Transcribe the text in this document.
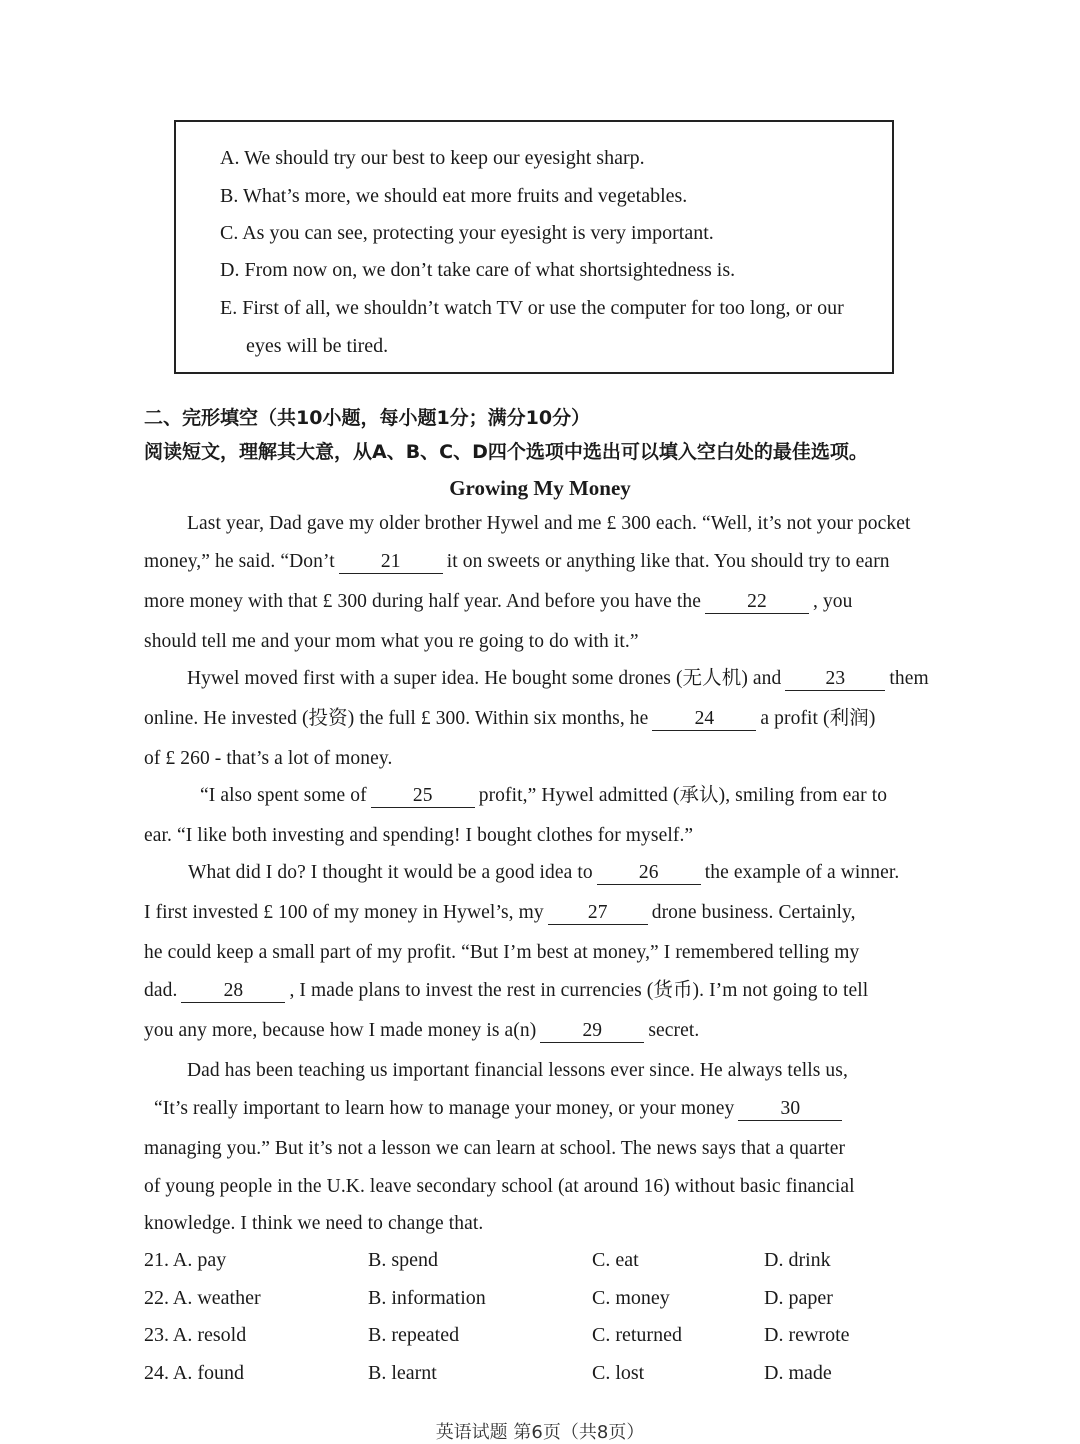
A. We should try our best to keep our eyesight sharp.
B. What’s more, we should eat more fruits and vegetables.
C. As you can see, protecting your eyesight is very important.
D. From now on, we don’t take care of what shortsightedness is.
E. First of all, we shouldn’t watch TV or use the computer for too long, or our
eyes will be tired.
二、完形填空（共10小题，每小题1分；满分10分）
阅读短文，理解其大意，从A、B、C、D四个选项中选出可以填入空白处的最佳选项。
Growing My Money
Last year, Dad gave my older brother Hywel and me £ 300 each. “Well, it’s not your pocket
money,” he said. “Don’t 21 it on sweets or anything like that. You should try to earn
more money with that £ 300 during half year. And before you have the 22 , you
should tell me and your mom what you re going to do with it.”
Hywel moved first with a super idea. He bought some drones (无人机) and 23 them
online. He invested (投资) the full £ 300. Within six months, he 24 a profit (利润)
of £ 260 - that’s a lot of money.
“I also spent some of 25 profit,” Hywel admitted (承认), smiling from ear to
ear. “I like both investing and spending! I bought clothes for myself.”
What did I do? I thought it would be a good idea to 26 the example of a winner.
I first invested £ 100 of my money in Hywel’s, my 27 drone business. Certainly,
he could keep a small part of my profit. “But I’m best at money,” I remembered telling my
dad. 28 , I made plans to invest the rest in currencies (货币). I’m not going to tell
you any more, because how I made money is a(n) 29 secret.
Dad has been teaching us important financial lessons ever since. He always tells us,
“It’s really important to learn how to manage your money, or your money 30
managing you.” But it’s not a lesson we can learn at school. The news says that a quarter
of young people in the U.K. leave secondary school (at around 16) without basic financial
knowledge. I think we need to change that.
21. A. pay	B. spend	C. eat	D. drink
22. A. weather	B. information	C. money	D. paper
23. A. resold	B. repeated	C. returned	D. rewrote
24. A. found	B. learnt	C. lost	D. made
英语试题 第6页（共8页）
